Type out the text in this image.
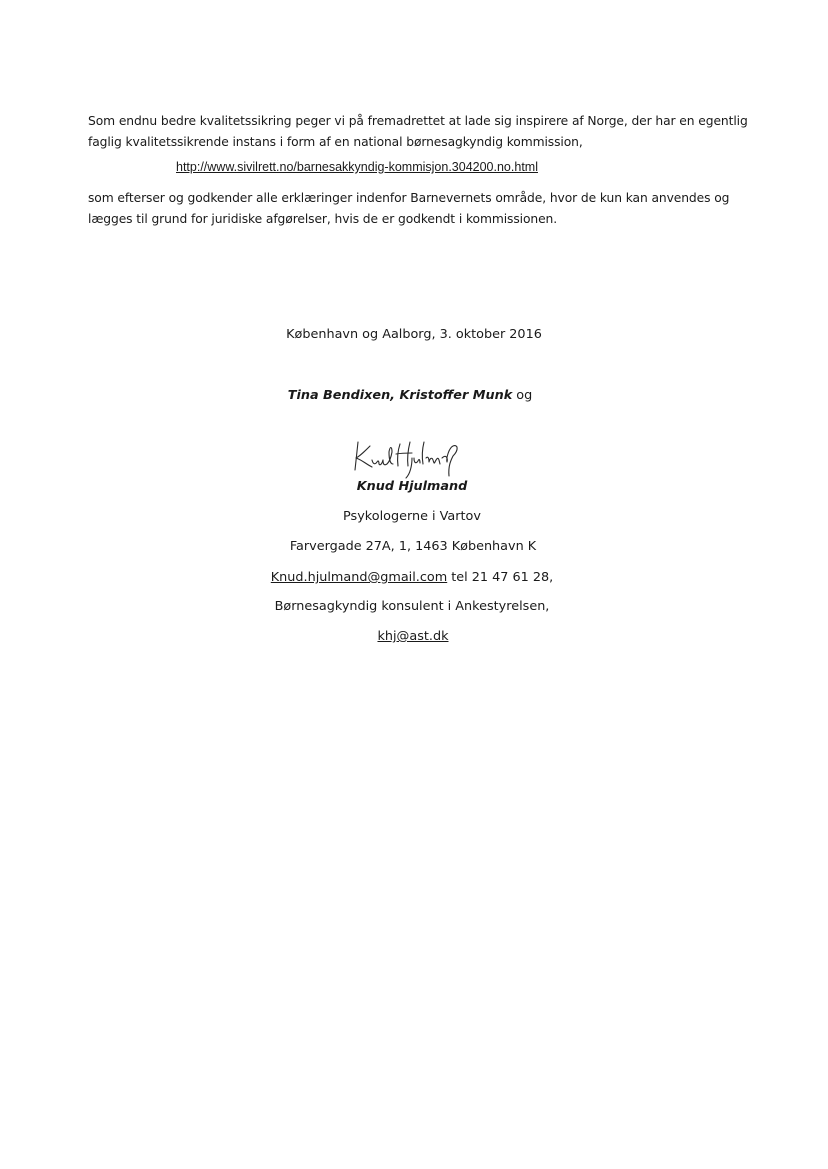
Som endnu bedre kvalitetssikring peger vi på fremadrettet at lade sig inspirere af Norge, der har en egentlig
faglig kvalitetssikrende instans i form af en national børnesagkyndig kommission,
http://www.sivilrett.no/barnesakkyndig-kommisjon.304200.no.html
som efterser og godkender alle erklæringer indenfor Barnevernets område, hvor de kun kan anvendes og
lægges til grund for juridiske afgørelser, hvis de er godkendt i kommissionen.
København og Aalborg, 3. oktober 2016
Tina Bendixen, Kristoffer Munk og
Knud Hjulmand
Psykologerne i Vartov
Farvergade 27A, 1, 1463 København K
Knud.hjulmand@gmail.com tel 21 47 61 28,
Børnesagkyndig konsulent i Ankestyrelsen,
khj@ast.dk
